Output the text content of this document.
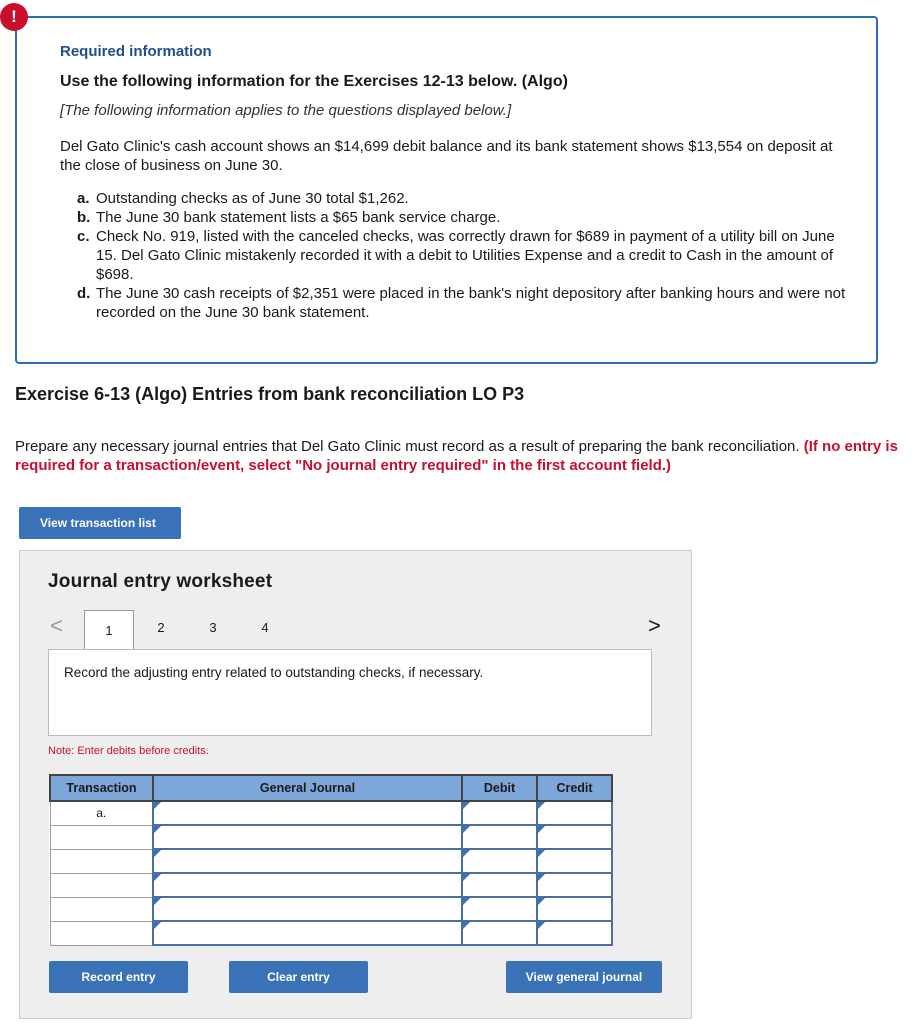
!
Required information
Use the following information for the Exercises 12-13 below. (Algo)
[The following information applies to the questions displayed below.]
Del Gato Clinic's cash account shows an $14,699 debit balance and its bank statement shows $13,554 on deposit at the close of business on June 30.
a. Outstanding checks as of June 30 total $1,262.
b. The June 30 bank statement lists a $65 bank service charge.
c. Check No. 919, listed with the canceled checks, was correctly drawn for $689 in payment of a utility bill on June 15. Del Gato Clinic mistakenly recorded it with a debit to Utilities Expense and a credit to Cash in the amount of $698.
d. The June 30 cash receipts of $2,351 were placed in the bank's night depository after banking hours and were not recorded on the June 30 bank statement.
Exercise 6-13 (Algo) Entries from bank reconciliation LO P3
Prepare any necessary journal entries that Del Gato Clinic must record as a result of preparing the bank reconciliation. (If no entry is required for a transaction/event, select "No journal entry required" in the first account field.)
View transaction list
Journal entry worksheet
<	1	2	3	4	>
Record the adjusting entry related to outstanding checks, if necessary.
Note: Enter debits before credits.
Transaction	General Journal	Debit	Credit
a.	

Record entry	Clear entry	View general journal
